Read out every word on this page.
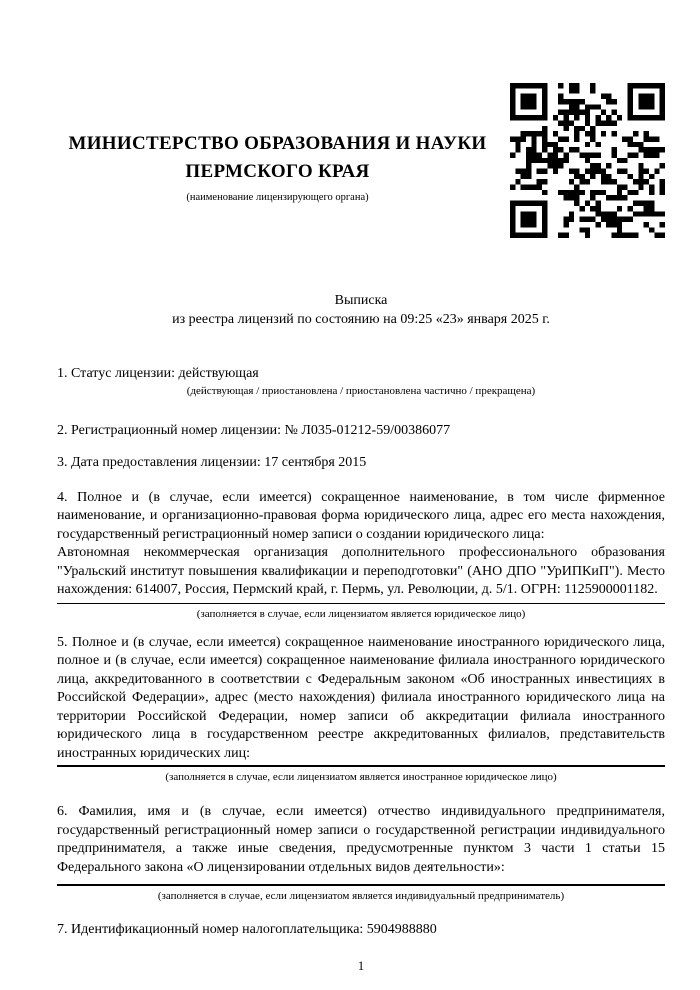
МИНИСТЕРСТВО ОБРАЗОВАНИЯ И НАУКИ ПЕРМСКОГО КРАЯ
(наименование лицензирующего органа)
Выписка
из реестра лицензий по состоянию на 09:25 «23» января 2025 г.

1. Статус лицензии: действующая

(действующая / приостановлена / приостановлена частично / прекращена)

2. Регистрационный номер лицензии: № Л035-01212-59/00386077

3. Дата предоставления лицензии: 17 сентября 2015

4. Полное и (в случае, если имеется) сокращенное наименование, в том числе фирменное наименование, и организационно-правовая форма юридического лица, адрес его места нахождения, государственный регистрационный номер записи о создании юридического лица:

Автономная некоммерческая организация дополнительного профессионального образования "Уральский институт повышения квалификации и переподготовки" (АНО ДПО "УрИПКиП"). Место нахождения: 614007, Россия, Пермский край, г. Пермь, ул. Революции, д. 5/1. ОГРН: 1125900001182.

(заполняется в случае, если лицензиатом является юридическое лицо)

5. Полное и (в случае, если имеется) сокращенное наименование иностранного юридического лица, полное и (в случае, если имеется) сокращенное наименование филиала иностранного юридического лица, аккредитованного в соответствии с Федеральным законом «Об иностранных инвестициях в Российской Федерации», адрес (место нахождения) филиала иностранного юридического лица на территории Российской Федерации, номер записи об аккредитации филиала иностранного юридического лица в государственном реестре аккредитованных филиалов, представительств иностранных юридических лиц:

(заполняется в случае, если лицензиатом является иностранное юридическое лицо)

6. Фамилия, имя и (в случае, если имеется) отчество индивидуального предпринимателя, государственный регистрационный номер записи о государственной регистрации индивидуального предпринимателя, а также иные сведения, предусмотренные пунктом 3 части 1 статьи 15 Федерального закона «О лицензировании отдельных видов деятельности»:

(заполняется в случае, если лицензиатом является индивидуальный предприниматель)

7. Идентификационный номер налогоплательщика: 5904988880

1
